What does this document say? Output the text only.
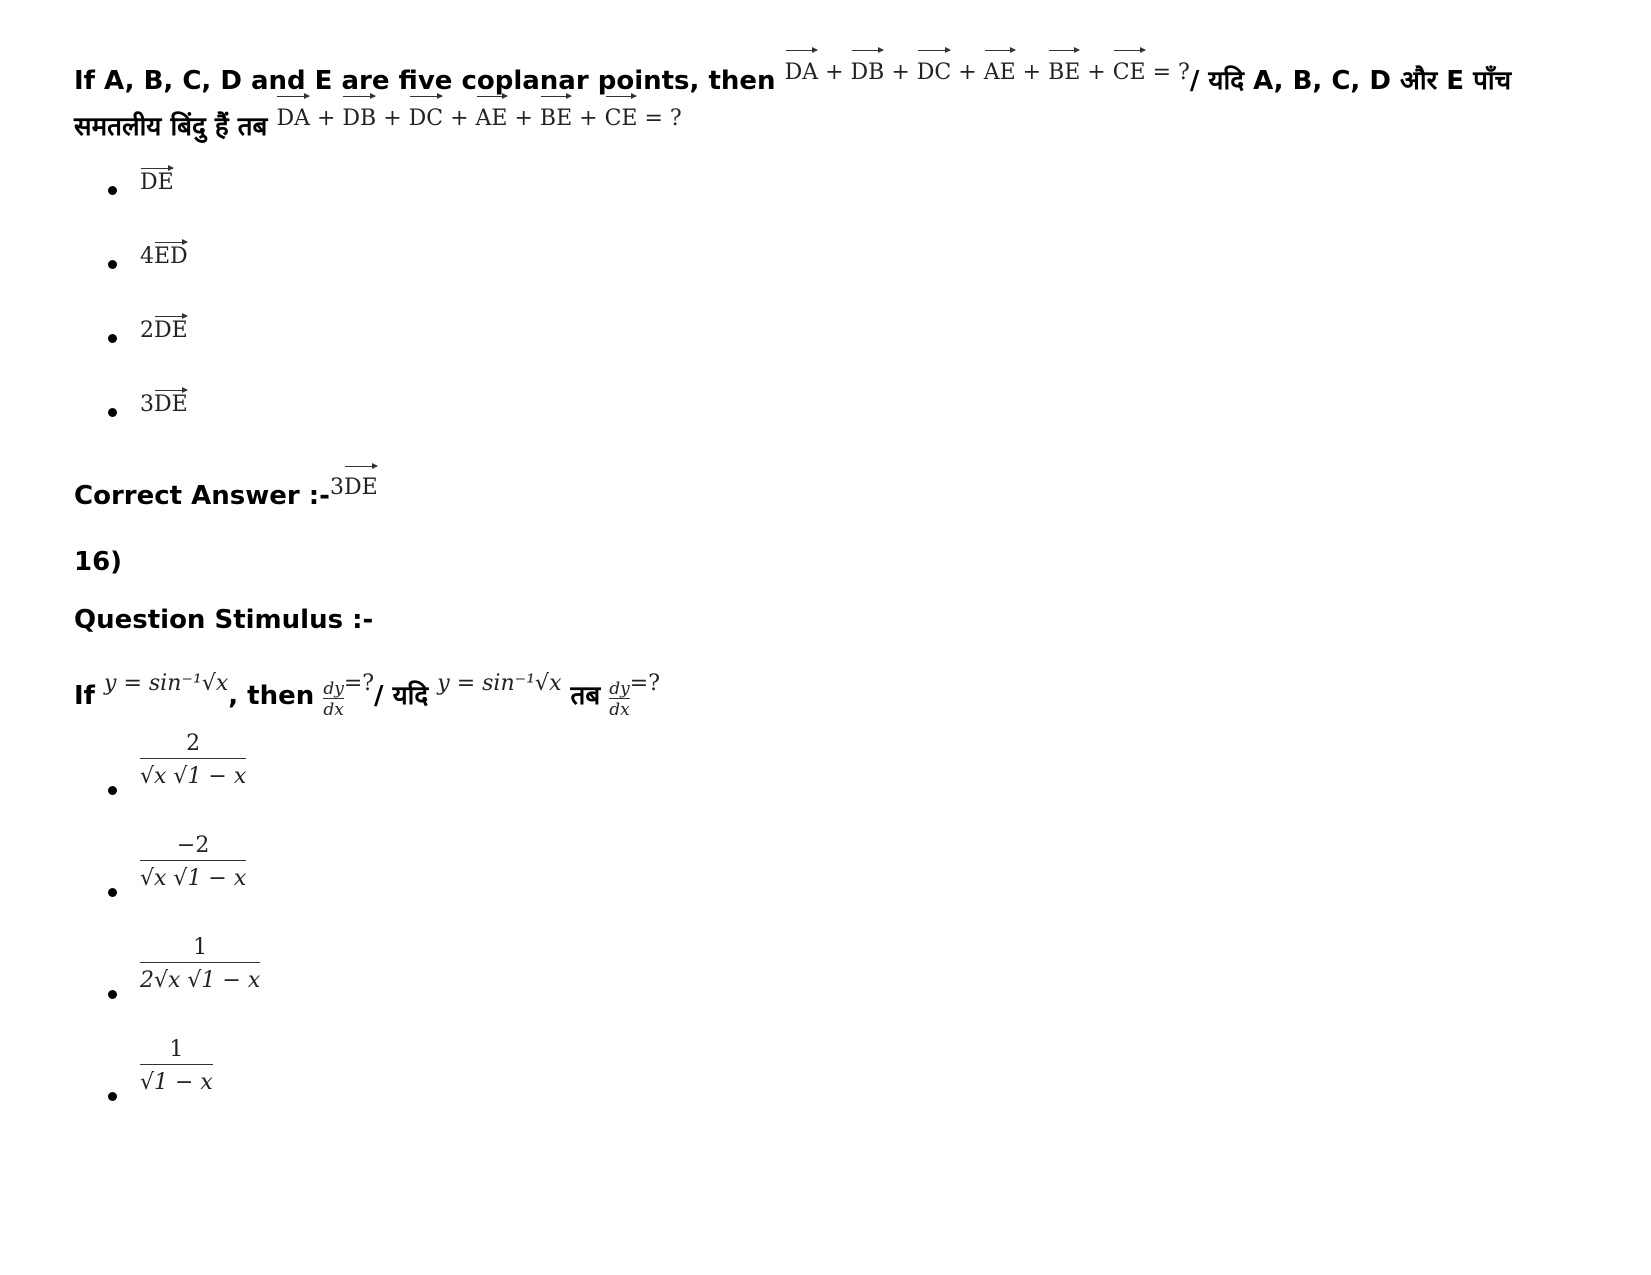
If A, B, C, D and E are five coplanar points, then $^{DA + DB + DC + AE + BE + CE = ?}$/ यदि A, B, C, D और E पाँच
समतलीय बिंदु हैं तब $^{DA + DB + DC + AE + BE + CE = ?}$
DE
4ED
2DE
3DE
Correct Answer :-$^{3DE}$
16)
Question Stimulus :-
If $^{y = sin^{-1}√x}$, then $\frac{dy}{dx} ^{=?}/$ यदि $^{y = sin^{-1}√x}$ तब $\frac{dy}{dx} ^{=?}$
$\frac{2}{√x √1 - x}$
$\frac{-2}{√x √1 - x}$
$\frac{1}{2√x √1 - x}$
$\frac{1}{√1 - x}$
